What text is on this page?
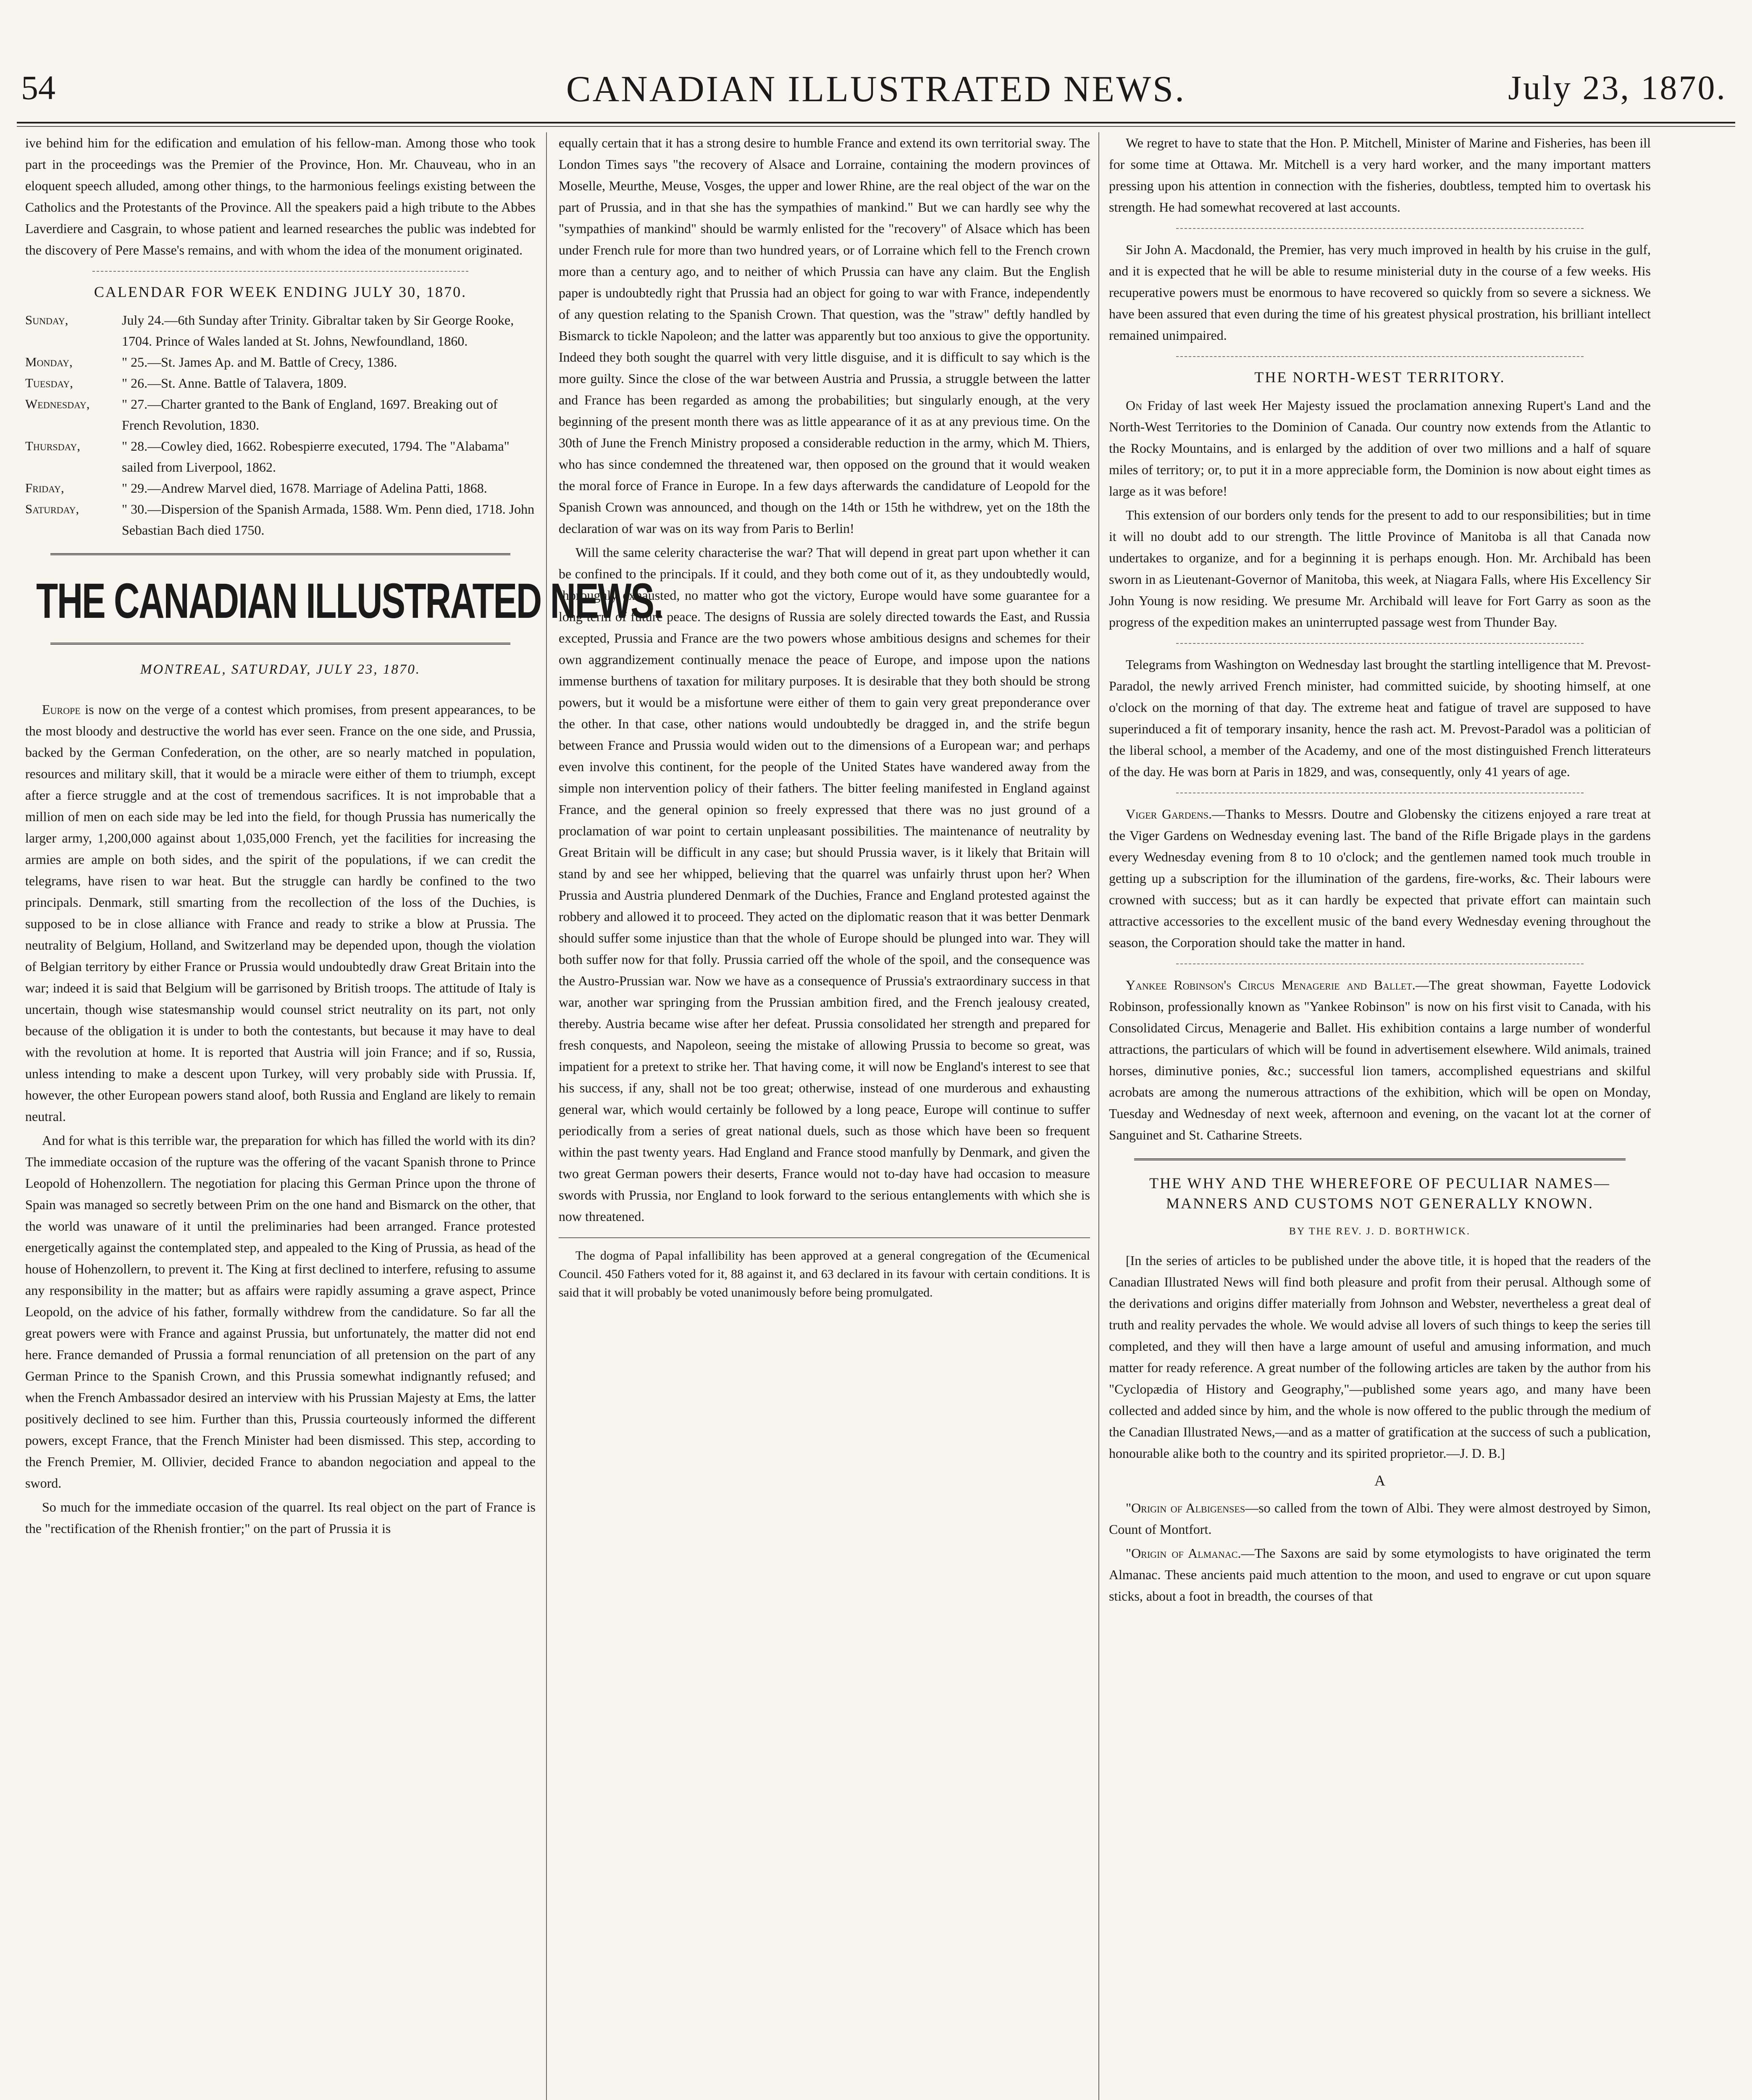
54	CANADIAN ILLUSTRATED NEWS.	July 23, 1870.

ive behind him for the edification and emulation of his fellow-man. Among those who took part in the proceedings was the Premier of the Province, Hon. Mr. Chauveau, who in an eloquent speech alluded, among other things, to the harmonious feelings existing between the Catholics and the Protestants of the Province. All the speakers paid a high tribute to the Abbes Laverdiere and Casgrain, to whose patient and learned researches the public was indebted for the discovery of Pere Masse's remains, and with whom the idea of the monument originated.

CALENDAR FOR WEEK ENDING JULY 30, 1870.
Sunday,	July 24.—6th Sunday after Trinity. Gibraltar taken by Sir George Rooke, 1704. Prince of Wales landed at St. Johns, Newfoundland, 1860.
Monday,	" 25.—St. James Ap. and M. Battle of Crecy, 1386.
Tuesday,	" 26.—St. Anne. Battle of Talavera, 1809.
Wednesday,	" 27.—Charter granted to the Bank of England, 1697. Breaking out of French Revolution, 1830.
Thursday,	" 28.—Cowley died, 1662. Robespierre executed, 1794. The "Alabama" sailed from Liverpool, 1862.
Friday,	" 29.—Andrew Marvel died, 1678. Marriage of Adelina Patti, 1868.
Saturday,	" 30.—Dispersion of the Spanish Armada, 1588. Wm. Penn died, 1718. John Sebastian Bach died 1750.
THE CANADIAN ILLUSTRATED NEWS.
MONTREAL, SATURDAY, JULY 23, 1870.

Europe is now on the verge of a contest which promises, from present appearances, to be the most bloody and destructive the world has ever seen. France on the one side, and Prussia, backed by the German Confederation, on the other, are so nearly matched in population, resources and military skill, that it would be a miracle were either of them to triumph, except after a fierce struggle and at the cost of tremendous sacrifices. It is not improbable that a million of men on each side may be led into the field, for though Prussia has numerically the larger army, 1,200,000 against about 1,035,000 French, yet the facilities for increasing the armies are ample on both sides, and the spirit of the populations, if we can credit the telegrams, have risen to war heat. But the struggle can hardly be confined to the two principals. Denmark, still smarting from the recollection of the loss of the Duchies, is supposed to be in close alliance with France and ready to strike a blow at Prussia. The neutrality of Belgium, Holland, and Switzerland may be depended upon, though the violation of Belgian territory by either France or Prussia would undoubtedly draw Great Britain into the war; indeed it is said that Belgium will be garrisoned by British troops. The attitude of Italy is uncertain, though wise statesmanship would counsel strict neutrality on its part, not only because of the obligation it is under to both the contestants, but because it may have to deal with the revolution at home. It is reported that Austria will join France; and if so, Russia, unless intending to make a descent upon Turkey, will very probably side with Prussia. If, however, the other European powers stand aloof, both Russia and England are likely to remain neutral.

And for what is this terrible war, the preparation for which has filled the world with its din? The immediate occasion of the rupture was the offering of the vacant Spanish throne to Prince Leopold of Hohenzollern. The negotiation for placing this German Prince upon the throne of Spain was managed so secretly between Prim on the one hand and Bismarck on the other, that the world was unaware of it until the preliminaries had been arranged. France protested energetically against the contemplated step, and appealed to the King of Prussia, as head of the house of Hohenzollern, to prevent it. The King at first declined to interfere, refusing to assume any responsibility in the matter; but as affairs were rapidly assuming a grave aspect, Prince Leopold, on the advice of his father, formally withdrew from the candidature. So far all the great powers were with France and against Prussia, but unfortunately, the matter did not end here. France demanded of Prussia a formal renunciation of all pretension on the part of any German Prince to the Spanish Crown, and this Prussia somewhat indignantly refused; and when the French Ambassador desired an interview with his Prussian Majesty at Ems, the latter positively declined to see him. Further than this, Prussia courteously informed the different powers, except France, that the French Minister had been dismissed. This step, according to the French Premier, M. Ollivier, decided France to abandon negociation and appeal to the sword.

So much for the immediate occasion of the quarrel. Its real object on the part of France is the "rectification of the Rhenish frontier;" on the part of Prussia it is

equally certain that it has a strong desire to humble France and extend its own territorial sway. The London Times says "the recovery of Alsace and Lorraine, containing the modern provinces of Moselle, Meurthe, Meuse, Vosges, the upper and lower Rhine, are the real object of the war on the part of Prussia, and in that she has the sympathies of mankind." But we can hardly see why the "sympathies of mankind" should be warmly enlisted for the "recovery" of Alsace which has been under French rule for more than two hundred years, or of Lorraine which fell to the French crown more than a century ago, and to neither of which Prussia can have any claim. But the English paper is undoubtedly right that Prussia had an object for going to war with France, independently of any question relating to the Spanish Crown. That question, was the "straw" deftly handled by Bismarck to tickle Napoleon; and the latter was apparently but too anxious to give the opportunity. Indeed they both sought the quarrel with very little disguise, and it is difficult to say which is the more guilty. Since the close of the war between Austria and Prussia, a struggle between the latter and France has been regarded as among the probabilities; but singularly enough, at the very beginning of the present month there was as little appearance of it as at any previous time. On the 30th of June the French Ministry proposed a considerable reduction in the army, which M. Thiers, who has since condemned the threatened war, then opposed on the ground that it would weaken the moral force of France in Europe. In a few days afterwards the candidature of Leopold for the Spanish Crown was announced, and though on the 14th or 15th he withdrew, yet on the 18th the declaration of war was on its way from Paris to Berlin!

Will the same celerity characterise the war? That will depend in great part upon whether it can be confined to the principals. If it could, and they both come out of it, as they undoubtedly would, thoroughly exhausted, no matter who got the victory, Europe would have some guarantee for a long term of future peace. The designs of Russia are solely directed towards the East, and Russia excepted, Prussia and France are the two powers whose ambitious designs and schemes for their own aggrandizement continually menace the peace of Europe, and impose upon the nations immense burthens of taxation for military purposes. It is desirable that they both should be strong powers, but it would be a misfortune were either of them to gain very great preponderance over the other. In that case, other nations would undoubtedly be dragged in, and the strife begun between France and Prussia would widen out to the dimensions of a European war; and perhaps even involve this continent, for the people of the United States have wandered away from the simple non intervention policy of their fathers. The bitter feeling manifested in England against France, and the general opinion so freely expressed that there was no just ground of a proclamation of war point to certain unpleasant possibilities. The maintenance of neutrality by Great Britain will be difficult in any case; but should Prussia waver, is it likely that Britain will stand by and see her whipped, believing that the quarrel was unfairly thrust upon her? When Prussia and Austria plundered Denmark of the Duchies, France and England protested against the robbery and allowed it to proceed. They acted on the diplomatic reason that it was better Denmark should suffer some injustice than that the whole of Europe should be plunged into war. They will both suffer now for that folly. Prussia carried off the whole of the spoil, and the consequence was the Austro-Prussian war. Now we have as a consequence of Prussia's extraordinary success in that war, another war springing from the Prussian ambition fired, and the French jealousy created, thereby. Austria became wise after her defeat. Prussia consolidated her strength and prepared for fresh conquests, and Napoleon, seeing the mistake of allowing Prussia to become so great, was impatient for a pretext to strike her. That having come, it will now be England's interest to see that his success, if any, shall not be too great; otherwise, instead of one murderous and exhausting general war, which would certainly be followed by a long peace, Europe will continue to suffer periodically from a series of great national duels, such as those which have been so frequent within the past twenty years. Had England and France stood manfully by Denmark, and given the two great German powers their deserts, France would not to-day have had occasion to measure swords with Prussia, nor England to look forward to the serious entanglements with which she is now threatened.

The dogma of Papal infallibility has been approved at a general congregation of the Œcumenical Council. 450 Fathers voted for it, 88 against it, and 63 declared in its favour with certain conditions. It is said that it will probably be voted unanimously before being promulgated.

We regret to have to state that the Hon. P. Mitchell, Minister of Marine and Fisheries, has been ill for some time at Ottawa. Mr. Mitchell is a very hard worker, and the many important matters pressing upon his attention in connection with the fisheries, doubtless, tempted him to overtask his strength. He had somewhat recovered at last accounts.

Sir John A. Macdonald, the Premier, has very much improved in health by his cruise in the gulf, and it is expected that he will be able to resume ministerial duty in the course of a few weeks. His recuperative powers must be enormous to have recovered so quickly from so severe a sickness. We have been assured that even during the time of his greatest physical prostration, his brilliant intellect remained unimpaired.

THE NORTH-WEST TERRITORY.

On Friday of last week Her Majesty issued the proclamation annexing Rupert's Land and the North-West Territories to the Dominion of Canada. Our country now extends from the Atlantic to the Rocky Mountains, and is enlarged by the addition of over two millions and a half of square miles of territory; or, to put it in a more appreciable form, the Dominion is now about eight times as large as it was before!

This extension of our borders only tends for the present to add to our responsibilities; but in time it will no doubt add to our strength. The little Province of Manitoba is all that Canada now undertakes to organize, and for a beginning it is perhaps enough. Hon. Mr. Archibald has been sworn in as Lieutenant-Governor of Manitoba, this week, at Niagara Falls, where His Excellency Sir John Young is now residing. We presume Mr. Archibald will leave for Fort Garry as soon as the progress of the expedition makes an uninterrupted passage west from Thunder Bay.

Telegrams from Washington on Wednesday last brought the startling intelligence that M. Prevost-Paradol, the newly arrived French minister, had committed suicide, by shooting himself, at one o'clock on the morning of that day. The extreme heat and fatigue of travel are supposed to have superinduced a fit of temporary insanity, hence the rash act. M. Prevost-Paradol was a politician of the liberal school, a member of the Academy, and one of the most distinguished French litterateurs of the day. He was born at Paris in 1829, and was, consequently, only 41 years of age.

Viger Gardens.—Thanks to Messrs. Doutre and Globensky the citizens enjoyed a rare treat at the Viger Gardens on Wednesday evening last. The band of the Rifle Brigade plays in the gardens every Wednesday evening from 8 to 10 o'clock; and the gentlemen named took much trouble in getting up a subscription for the illumination of the gardens, fire-works, &c. Their labours were crowned with success; but as it can hardly be expected that private effort can maintain such attractive accessories to the excellent music of the band every Wednesday evening throughout the season, the Corporation should take the matter in hand.

Yankee Robinson's Circus Menagerie and Ballet.—The great showman, Fayette Lodovick Robinson, professionally known as "Yankee Robinson" is now on his first visit to Canada, with his Consolidated Circus, Menagerie and Ballet. His exhibition contains a large number of wonderful attractions, the particulars of which will be found in advertisement elsewhere. Wild animals, trained horses, diminutive ponies, &c.; successful lion tamers, accomplished equestrians and skilful acrobats are among the numerous attractions of the exhibition, which will be open on Monday, Tuesday and Wednesday of next week, afternoon and evening, on the vacant lot at the corner of Sanguinet and St. Catharine Streets.

THE WHY AND THE WHEREFORE OF PECULIAR NAMES—MANNERS AND CUSTOMS NOT GENERALLY KNOWN.
BY THE REV. J. D. BORTHWICK.

[In the series of articles to be published under the above title, it is hoped that the readers of the Canadian Illustrated News will find both pleasure and profit from their perusal. Although some of the derivations and origins differ materially from Johnson and Webster, nevertheless a great deal of truth and reality pervades the whole. We would advise all lovers of such things to keep the series till completed, and they will then have a large amount of useful and amusing information, and much matter for ready reference. A great number of the following articles are taken by the author from his "Cyclopædia of History and Geography,"—published some years ago, and many have been collected and added since by him, and the whole is now offered to the public through the medium of the Canadian Illustrated News,—and as a matter of gratification at the success of such a publication, honourable alike both to the country and its spirited proprietor.—J. D. B.]

A

"Origin of Albigenses—so called from the town of Albi. They were almost destroyed by Simon, Count of Montfort.

"Origin of Almanac.—The Saxons are said by some etymologists to have originated the term Almanac. These ancients paid much attention to the moon, and used to engrave or cut upon square sticks, about a foot in breadth, the courses of that
